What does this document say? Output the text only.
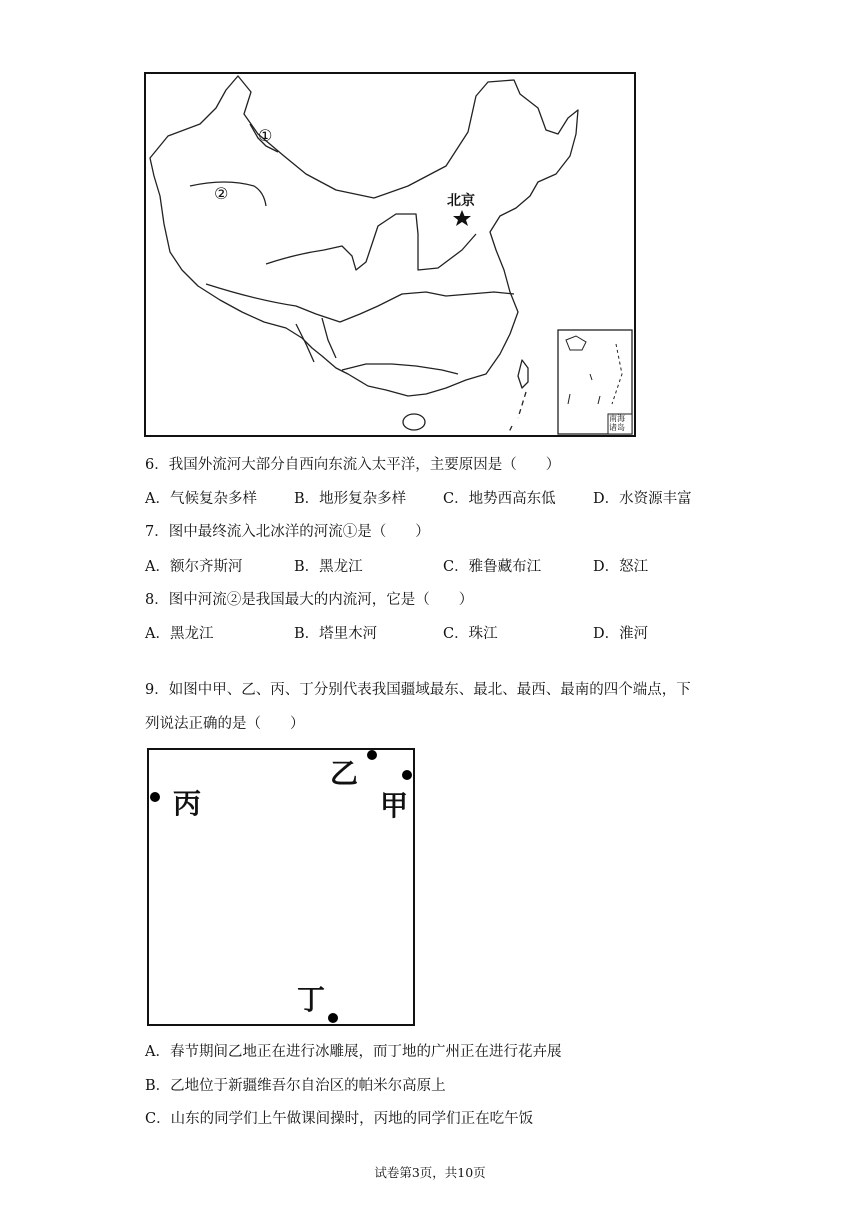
①
②	北京
南海
诸岛
6．我国外流河大部分自西向东流入太平洋，主要原因是（　　）
A．气候复杂多样	B．地形复杂多样	C．地势西高东低	D．水资源丰富
7．图中最终流入北冰洋的河流①是（　　）
A．额尔齐斯河	B．黑龙江	C．雅鲁藏布江	D．怒江
8．图中河流②是我国最大的内流河，它是（　　）
A．黑龙江	B．塔里木河	C．珠江	D．淮河
9．如图中甲、乙、丙、丁分别代表我国疆域最东、最北、最西、最南的四个端点，下
列说法正确的是（　　）
丙
乙
甲
丁
A．春节期间乙地正在进行冰雕展，而丁地的广州正在进行花卉展
B．乙地位于新疆维吾尔自治区的帕米尔高原上
C．山东的同学们上午做课间操时，丙地的同学们正在吃午饭
试卷第3页，共10页
